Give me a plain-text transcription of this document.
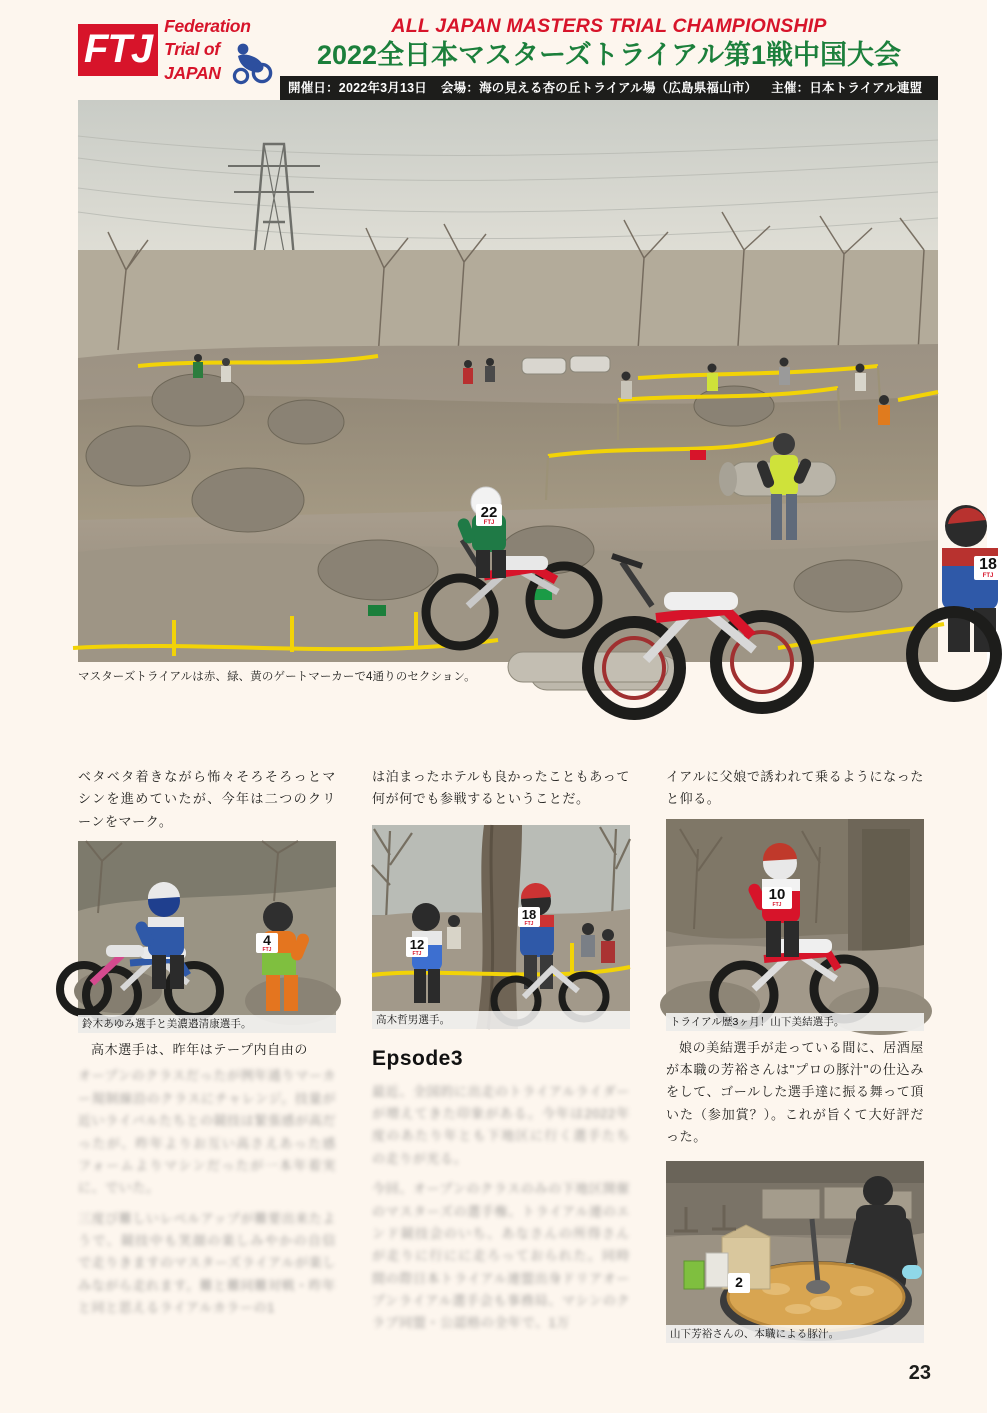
FTJ
Federation
Trial of
JAPAN
ALL JAPAN MASTERS TRIAL CHAMPIONSHIP
2022全日本マスターズトライアル第1戦中国大会
開催日：2022年3月13日 会場：海の見える杏の丘トライアル場（広島県福山市） 主催：日本トライアル連盟
22
FTJ
18
FTJ
マスターズトライアルは赤、緑、黄のゲートマーカーで4通りのセクション。

ベタベタ着きながら怖々そろそろっとマシンを進めていたが、今年は二つのクリーンをマーク。

4
FTJ
鈴木あゆみ選手と美濃邉清康選手。

高木選手は、昨年はテープ内自由の

オープンのクラスだったが例年通りマーカー規制線沿のクラスにチャレンジ。技量が近いライバルたちとの競技は緊張感が高だったが、昨年よりお互い高さえあった感フォームよりマシンだったが一本年着実に、でいた。

三度び難しいレベルアップが難要出来たようで、競技中も笑顔の楽しみやかの自信で走りきますのマスターズライアルが楽しみながら走れます。難と難同難対戦・昨年と同と思えるライアルカラーの1

は泊まったホテルも良かったこともあって何が何でも参戦するということだ。

12
FTJ
18
FTJ
高木哲男選手。
Epsode3

最近、全国的に出走のトライアルライダーが増えてきた印象がある。今年は2022年度のあたり年とも下地区に行く選手たちの走りが光る。

今回、オープンのクラスのみの下地区開催のマスターズの選手権、トライアル連のエンド競技会のいち、あなさんの所得さんが走りに行にに走ろっておられた。同時間の際日本トライアル連盟出身ドリアオープンライアル選手会も事務局、マシンのクラブ同盟・公認格の全年で、1万

イアルに父娘で誘われて乗るようになったと仰る。

10
FTJ
トライアル歴3ヶ月！山下美結選手。

娘の美結選手が走っている間に、居酒屋が本職の芳裕さんは"プロの豚汁"の仕込みをして、ゴールした選手達に振る舞って頂いた（参加賞？）。これが旨くて大好評だった。

2
山下芳裕さんの、本職による豚汁。
23
